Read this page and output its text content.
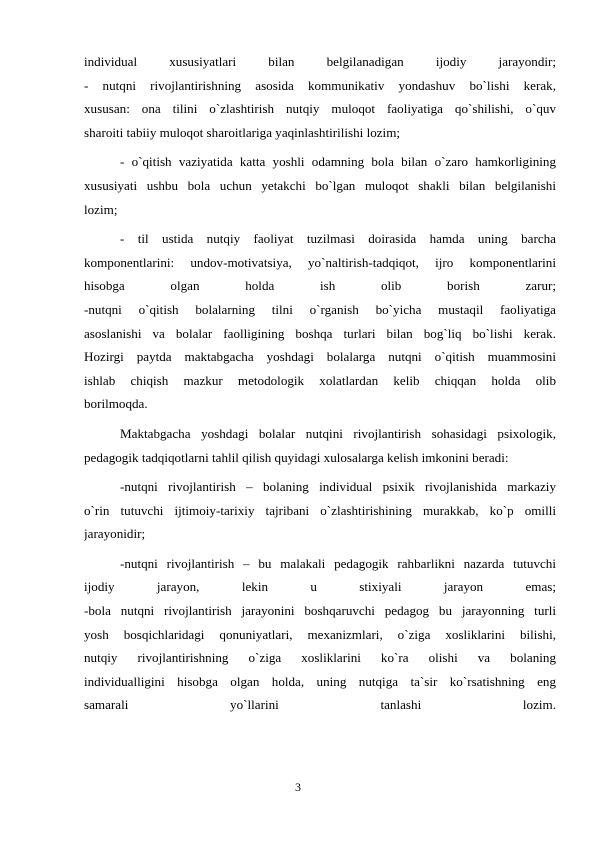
individual xususiyatlari bilan belgilanadigan ijodiy jarayondir;
- nutqni rivojlantirishning asosida kommunikativ yondashuv bo`lishi kerak,
xususan: ona tilini o`zlashtirish nutqiy muloqot faoliyatiga qo`shilishi, o`quv
sharoiti tabiiy muloqot sharoitlariga yaqinlashtirilishi lozim;
- o`qitish vaziyatida katta yoshli odamning bola bilan o`zaro hamkorligining
xususiyati ushbu bola uchun yetakchi bo`lgan muloqot shakli bilan belgilanishi
lozim;
- til ustida nutqiy faoliyat tuzilmasi doirasida hamda uning barcha
komponentlarini: undov-motivatsiya, yo`naltirish-tadqiqot, ijro komponentlarini
hisobga olgan holda ish olib borish zarur;
-nutqni o`qitish bolalarning tilni o`rganish bo`yicha mustaqil faoliyatiga
asoslanishi va bolalar faolligining boshqa turlari bilan bog`liq bo`lishi kerak.
Hozirgi paytda maktabgacha yoshdagi bolalarga nutqni o`qitish muammosini
ishlab chiqish mazkur metodologik xolatlardan kelib chiqqan holda olib
borilmoqda.
Maktabgacha yoshdagi bolalar nutqini rivojlantirish sohasidagi psixologik,
pedagogik tadqiqotlarni tahlil qilish quyidagi xulosalarga kelish imkonini beradi:
-nutqni rivojlantirish – bolaning individual psixik rivojlanishida markaziy
o`rin tutuvchi ijtimoiy-tarixiy tajribani o`zlashtirishining murakkab, ko`p omilli
jarayonidir;
-nutqni rivojlantirish – bu malakali pedagogik rahbarlikni nazarda tutuvchi
ijodiy jarayon, lekin u stixiyali jarayon emas;
-bola nutqni rivojlantirish jarayonini boshqaruvchi pedagog bu jarayonning turli
yosh bosqichlaridagi qonuniyatlari, mexanizmlari, o`ziga xosliklarini bilishi,
nutqiy rivojlantirishning o`ziga xosliklarini ko`ra olishi va bolaning
individualligini hisobga olgan holda, uning nutqiga ta`sir ko`rsatishning eng
samarali yo`llarini tanlashi lozim.
3
